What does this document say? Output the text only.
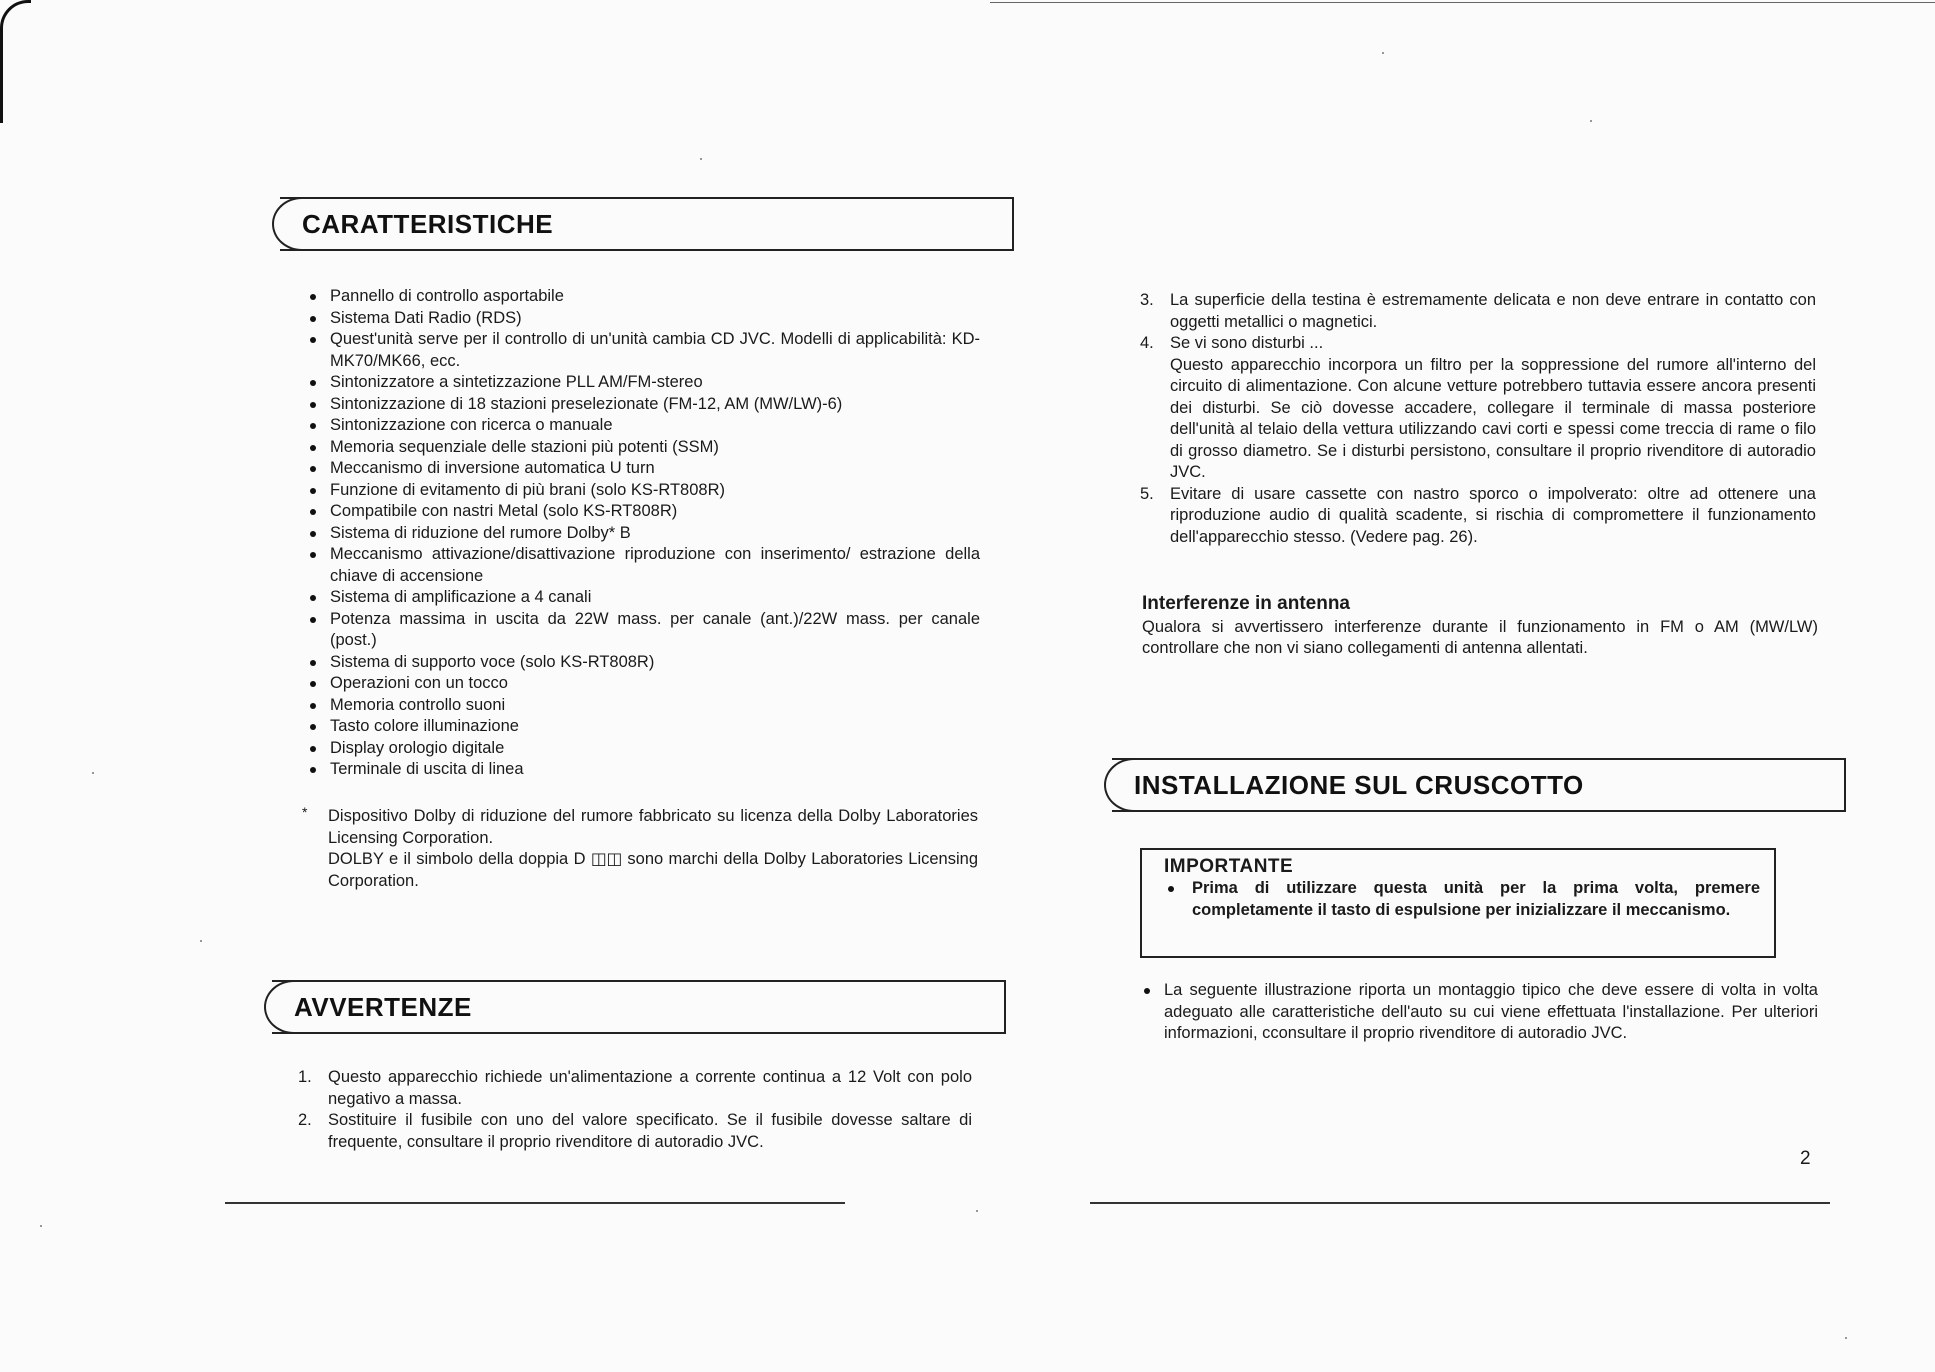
CARATTERISTICHE
Pannello di controllo asportabile
Sistema Dati Radio (RDS)
Quest'unità serve per il controllo di un'unità cambia CD JVC. Modelli di applicabilità: KD-MK70/MK66, ecc.
Sintonizzatore a sintetizzazione PLL AM/FM-stereo
Sintonizzazione di 18 stazioni preselezionate (FM-12, AM (MW/LW)-6)
Sintonizzazione con ricerca o manuale
Memoria sequenziale delle stazioni più potenti (SSM)
Meccanismo di inversione automatica U turn
Funzione di evitamento di più brani (solo KS-RT808R)
Compatibile con nastri Metal (solo KS-RT808R)
Sistema di riduzione del rumore Dolby* B
Meccanismo attivazione/disattivazione riproduzione con inserimento/ estrazione della chiave di accensione
Sistema di amplificazione a 4 canali
Potenza massima in uscita da 22W mass. per canale (ant.)/22W mass. per canale (post.)
Sistema di supporto voce (solo KS-RT808R)
Operazioni con un tocco
Memoria controllo suoni
Tasto colore illuminazione
Display orologio digitale
Terminale di uscita di linea
* Dispositivo Dolby di riduzione del rumore fabbricato su licenza della Dolby Laboratories Licensing Corporation.
DOLBY e il simbolo della doppia D ◫◫ sono marchi della Dolby Laboratories Licensing Corporation.
AVVERTENZE
1. Questo apparecchio richiede un'alimentazione a corrente continua a 12 Volt con polo negativo a massa.
2. Sostituire il fusibile con uno del valore specificato. Se il fusibile dovesse saltare di frequente, consultare il proprio rivenditore di autoradio JVC.
3. La superficie della testina è estremamente delicata e non deve entrare in contatto con oggetti metallici o magnetici.
4. Se vi sono disturbi ...
Questo apparecchio incorpora un filtro per la soppressione del rumore all'interno del circuito di alimentazione. Con alcune vetture potrebbero tuttavia essere ancora presenti dei disturbi. Se ciò dovesse accadere, collegare il terminale di massa posteriore dell'unità al telaio della vettura utilizzando cavi corti e spessi come treccia di rame o filo di grosso diametro. Se i disturbi persistono, consultare il proprio rivenditore di autoradio JVC.
5. Evitare di usare cassette con nastro sporco o impolverato: oltre ad ottenere una riproduzione audio di qualità scadente, si rischia di compromettere il funzionamento dell'apparecchio stesso. (Vedere pag. 26).
Interferenze in antenna
Qualora si avvertissero interferenze durante il funzionamento in FM o AM (MW/LW) controllare che non vi siano collegamenti di antenna allentati.
INSTALLAZIONE SUL CRUSCOTTO
IMPORTANTE
Prima di utilizzare questa unità per la prima volta, premere completamente il tasto di espulsione per inizializzare il meccanismo.
La seguente illustrazione riporta un montaggio tipico che deve essere di volta in volta adeguato alle caratteristiche dell'auto su cui viene effettuata l'installazione. Per ulteriori informazioni, cconsultare il proprio rivenditore di autoradio JVC.
2
